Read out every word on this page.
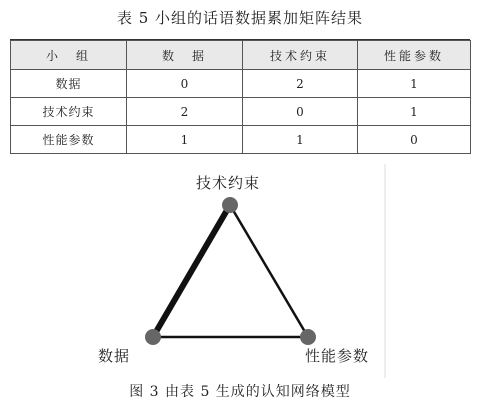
表 5 小组的话语数据累加矩阵结果
小　组	数　据	技术约束	性能参数
数据	0	2	1
技术约束	2	0	1
性能参数	1	1	0
技术约束
数据	性能参数
图 3 由表 5 生成的认知网络模型
